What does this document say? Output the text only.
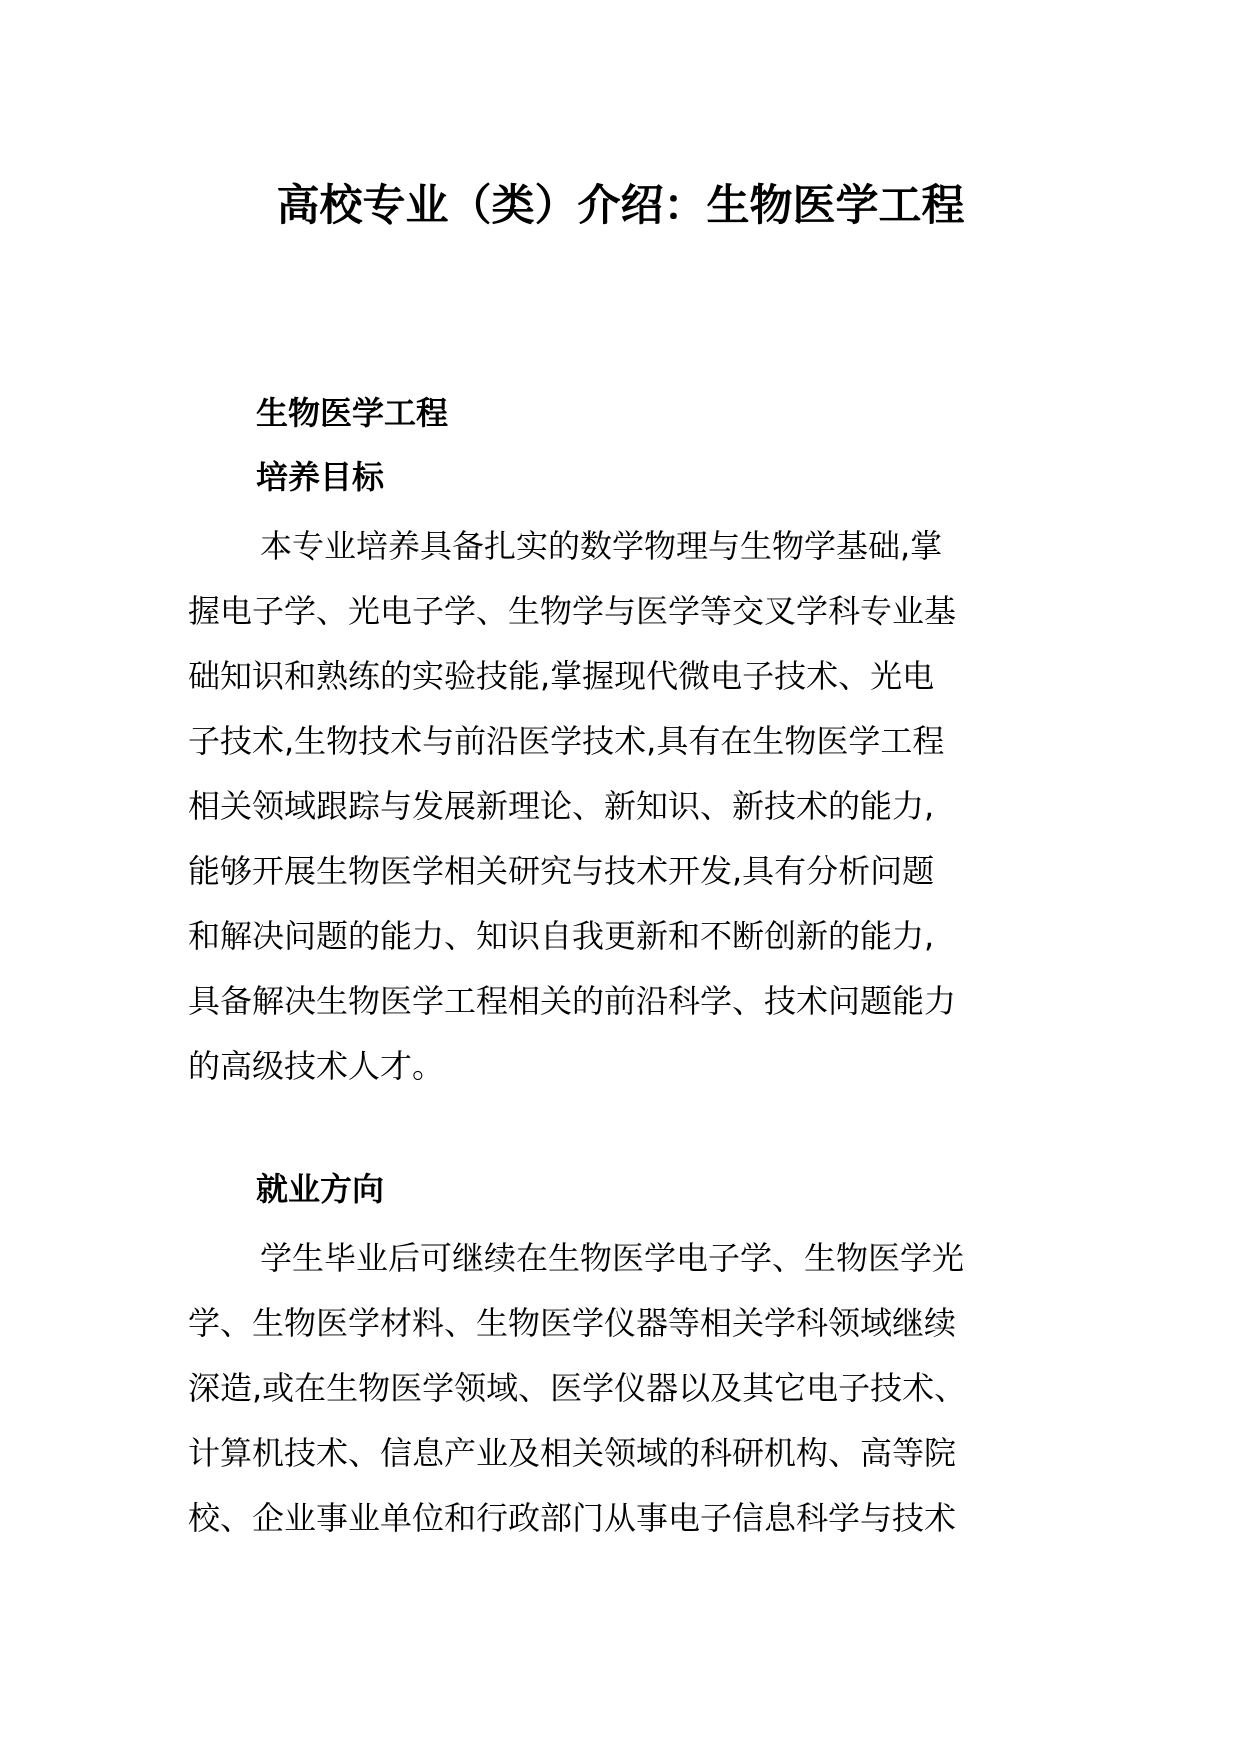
高校专业（类）介绍：生物医学工程
生物医学工程
培养目标
本专业培养具备扎实的数学物理与生物学基础,掌
握电子学、光电子学、生物学与医学等交叉学科专业基
础知识和熟练的实验技能,掌握现代微电子技术、光电
子技术,生物技术与前沿医学技术,具有在生物医学工程
相关领域跟踪与发展新理论、新知识、新技术的能力,
能够开展生物医学相关研究与技术开发,具有分析问题
和解决问题的能力、知识自我更新和不断创新的能力,
具备解决生物医学工程相关的前沿科学、技术问题能力
的高级技术人才。
就业方向
学生毕业后可继续在生物医学电子学、生物医学光
学、生物医学材料、生物医学仪器等相关学科领域继续
深造,或在生物医学领域、医学仪器以及其它电子技术、
计算机技术、信息产业及相关领域的科研机构、高等院
校、企业事业单位和行政部门从事电子信息科学与技术
